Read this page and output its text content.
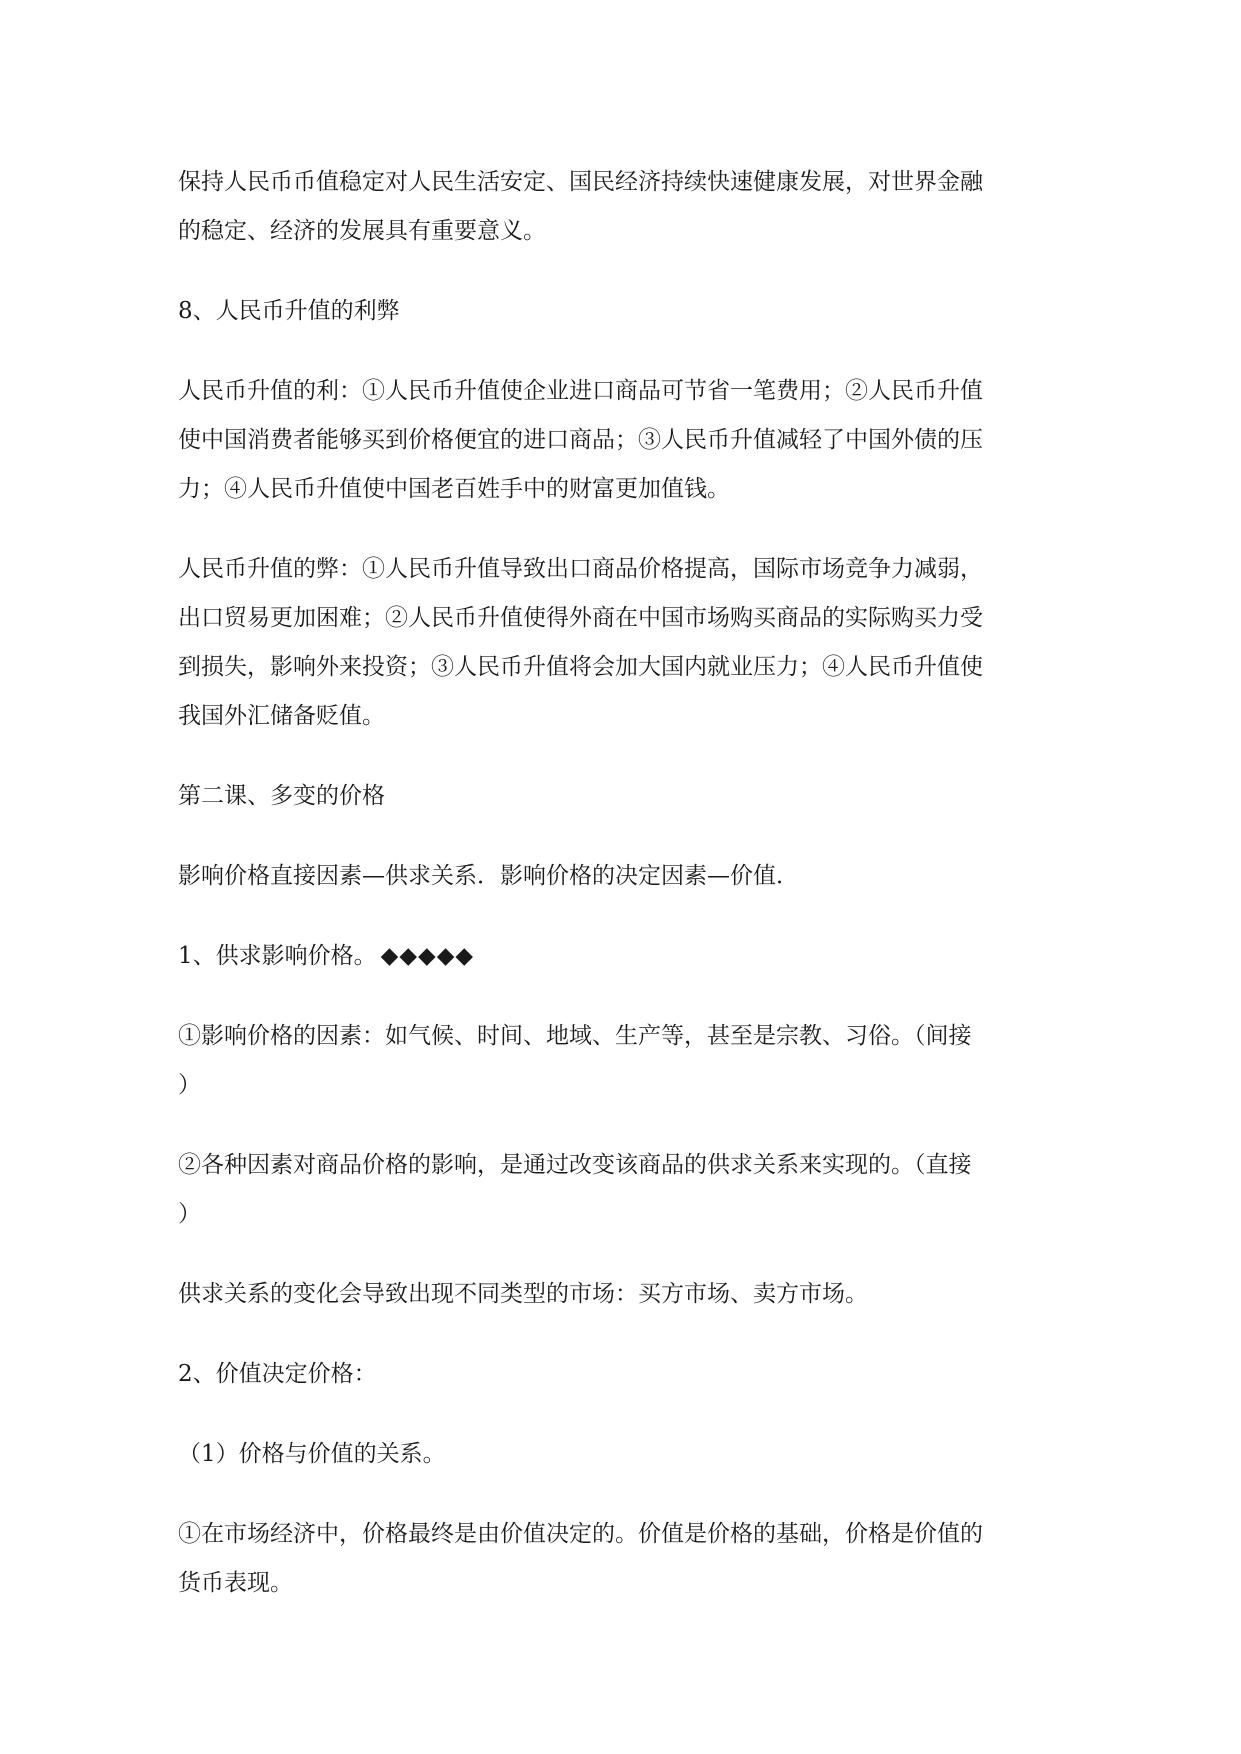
保持人民币币值稳定对人民生活安定、国民经济持续快速健康发展，对世界金融
的稳定、经济的发展具有重要意义。

8、人民币升值的利弊

人民币升值的利：①人民币升值使企业进口商品可节省一笔费用；②人民币升值
使中国消费者能够买到价格便宜的进口商品；③人民币升值减轻了中国外债的压
力；④人民币升值使中国老百姓手中的财富更加值钱。

人民币升值的弊：①人民币升值导致出口商品价格提高，国际市场竞争力减弱，
出口贸易更加困难；②人民币升值使得外商在中国市场购买商品的实际购买力受
到损失，影响外来投资；③人民币升值将会加大国内就业压力；④人民币升值使
我国外汇储备贬值。

第二课、多变的价格

影响价格直接因素—供求关系．影响价格的决定因素—价值．

1、供求影响价格。 ◆◆◆◆◆

①影响价格的因素：如气候、时间、地域、生产等，甚至是宗教、习俗。（间接
）

②各种因素对商品价格的影响，是通过改变该商品的供求关系来实现的。（直接
）

供求关系的变化会导致出现不同类型的市场：买方市场、卖方市场。

2、价值决定价格：

（1）价格与价值的关系。

①在市场经济中，价格最终是由价值决定的。价值是价格的基础，价格是价值的
货币表现。
